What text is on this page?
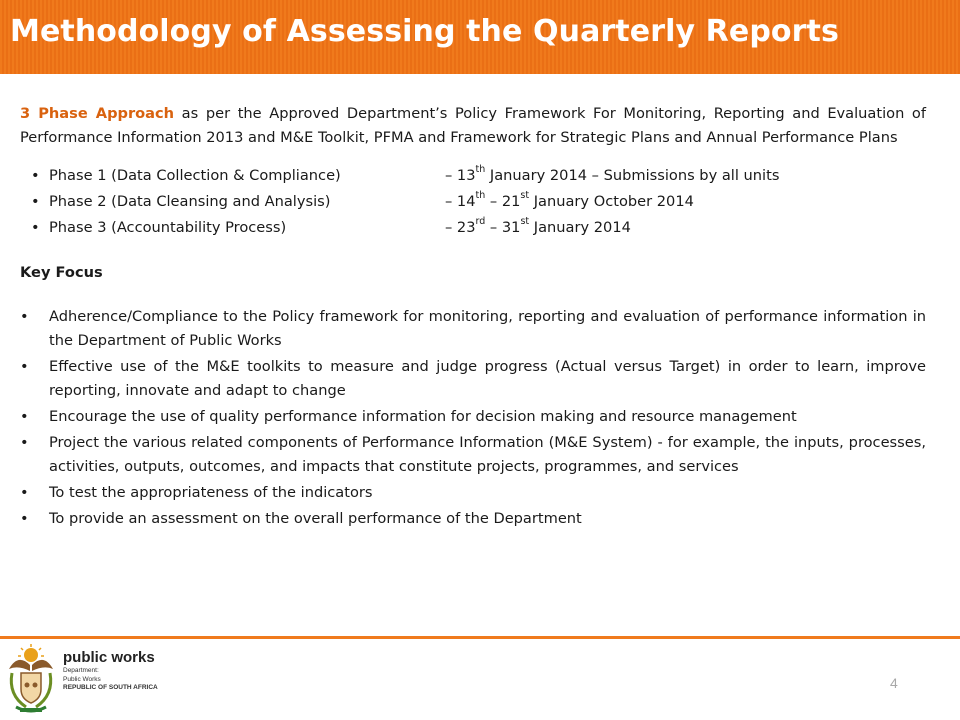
Methodology of Assessing the Quarterly Reports

3 Phase Approach as per the Approved Department’s Policy Framework For Monitoring, Reporting and Evaluation of Performance Information 2013 and M&E Toolkit, PFMA and Framework for Strategic Plans and Annual Performance Plans

• Phase 1 (Data Collection & Compliance)	– 13th January 2014 – Submissions by all units
• Phase 2 (Data Cleansing and Analysis)	– 14th – 21st January October 2014
• Phase 3 (Accountability Process)	– 23rd – 31st January 2014
Key Focus
• Adherence/Compliance to the Policy framework for monitoring, reporting and evaluation of performance information in the Department of Public Works
• Effective use of the M&E toolkits to measure and judge progress (Actual versus Target) in order to learn, improve reporting, innovate and adapt to change
• Encourage the use of quality performance information for decision making and resource management
• Project the various related components of Performance Information (M&E System) - for example, the inputs, processes, activities, outputs, outcomes, and impacts that constitute projects, programmes, and services
• To test the appropriateness of the indicators
• To provide an assessment on the overall performance of the Department
public works
Department:
Public Works
REPUBLIC OF SOUTH AFRICA	4
